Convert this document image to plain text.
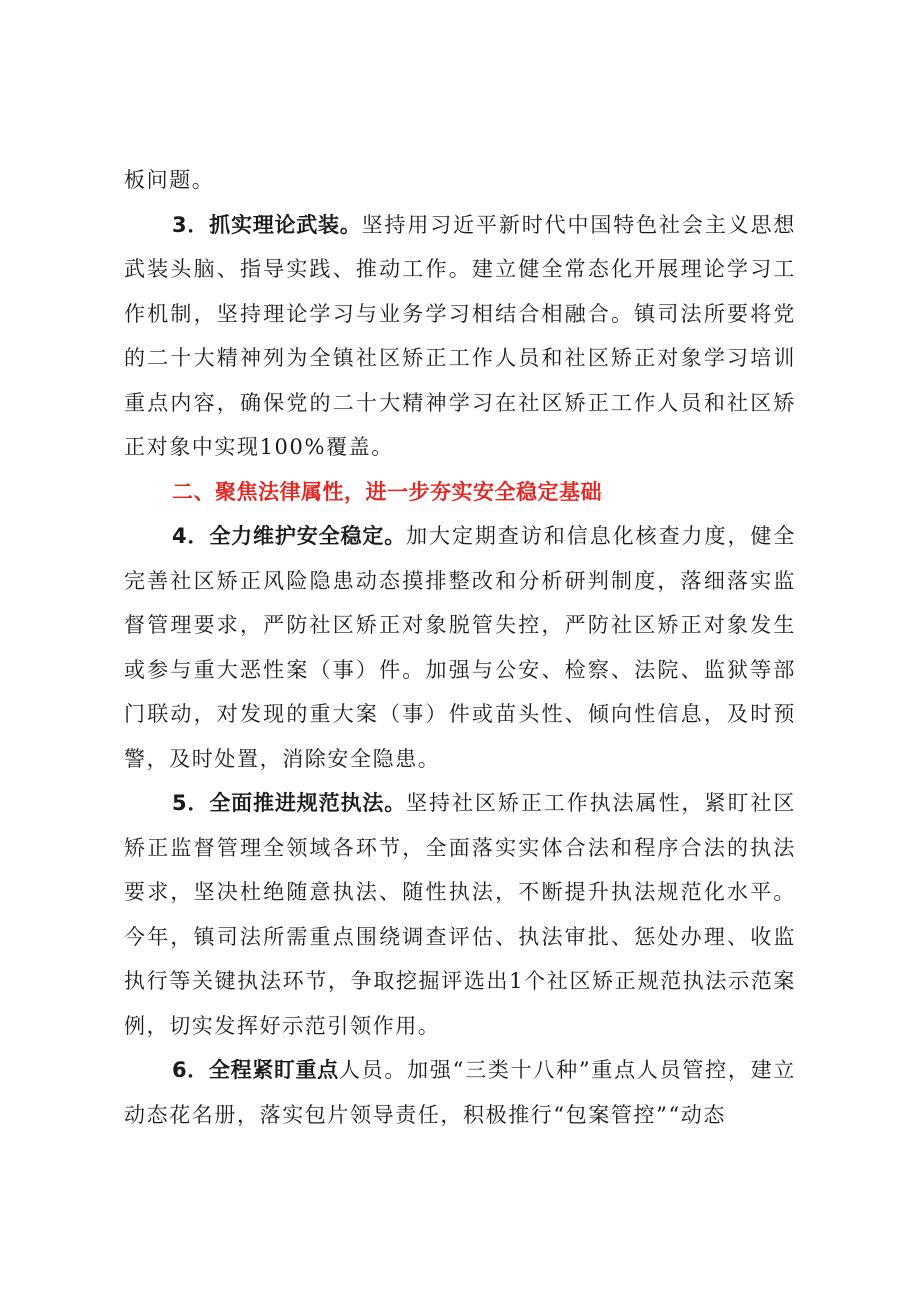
板问题。

3．抓实理论武装。坚持用习近平新时代中国特色社会主义思想武装头脑、指导实践、推动工作。建立健全常态化开展理论学习工作机制，坚持理论学习与业务学习相结合相融合。镇司法所要将党的二十大精神列为全镇社区矫正工作人员和社区矫正对象学习培训重点内容，确保党的二十大精神学习在社区矫正工作人员和社区矫正对象中实现100%覆盖。

二、聚焦法律属性，进一步夯实安全稳定基础

4．全力维护安全稳定。加大定期查访和信息化核查力度，健全完善社区矫正风险隐患动态摸排整改和分析研判制度，落细落实监督管理要求，严防社区矫正对象脱管失控，严防社区矫正对象发生或参与重大恶性案（事）件。加强与公安、检察、法院、监狱等部门联动，对发现的重大案（事）件或苗头性、倾向性信息，及时预警，及时处置，消除安全隐患。

5．全面推进规范执法。坚持社区矫正工作执法属性，紧盯社区矫正监督管理全领域各环节，全面落实实体合法和程序合法的执法要求，坚决杜绝随意执法、随性执法，不断提升执法规范化水平。今年，镇司法所需重点围绕调查评估、执法审批、惩处办理、收监执行等关键执法环节，争取挖掘评选出1个社区矫正规范执法示范案例，切实发挥好示范引领作用。

6．全程紧盯重点人员。加强“三类十八种”重点人员管控，建立动态花名册，落实包片领导责任，积极推行“包案管控”“动态
